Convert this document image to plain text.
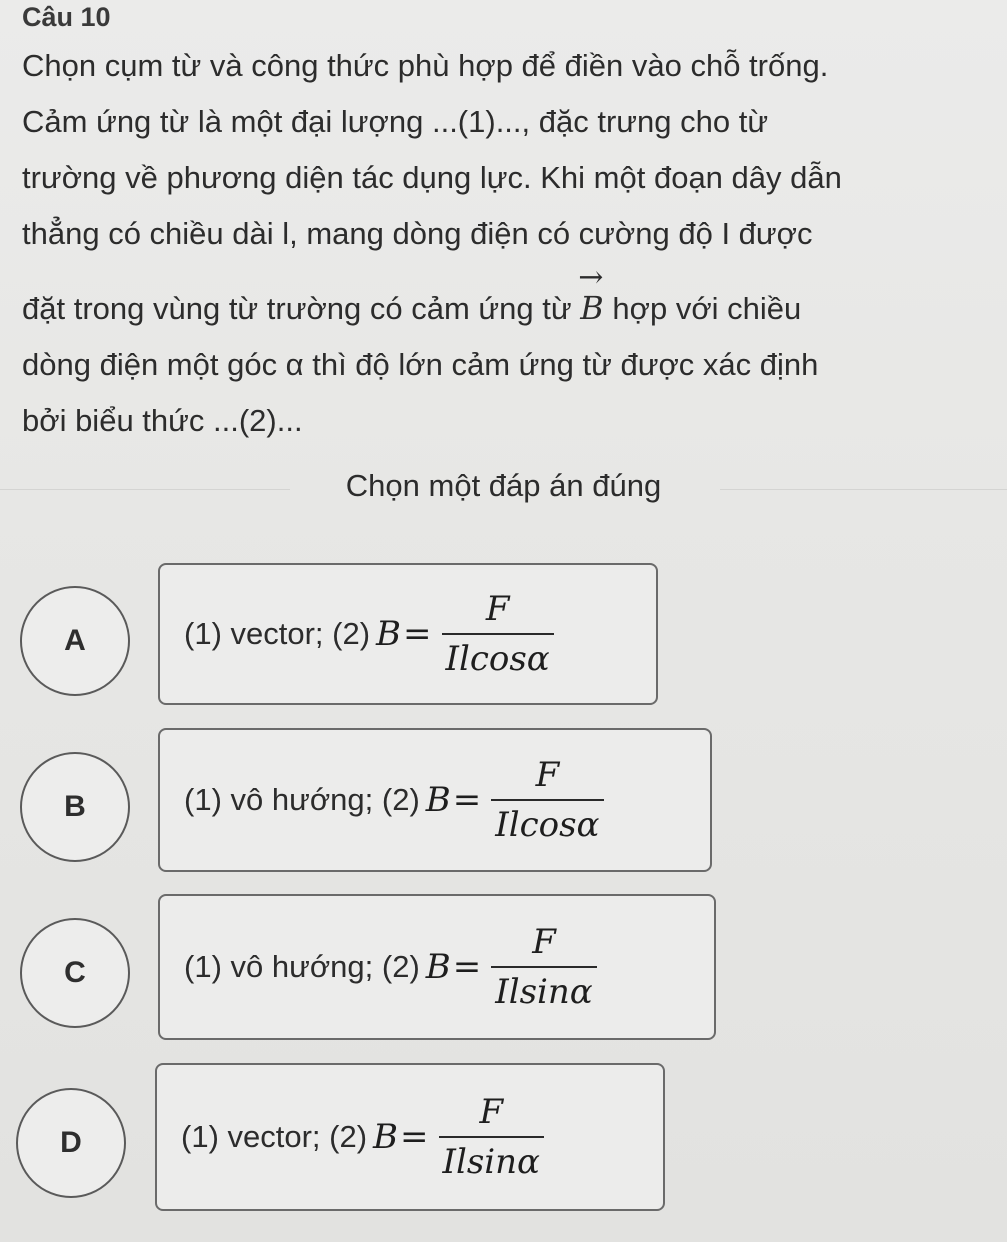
Câu 10
Chọn cụm từ và công thức phù hợp để điền vào chỗ trống.
Cảm ứng từ là một đại lượng ...(1)..., đặc trưng cho từ
trường về phương diện tác dụng lực. Khi một đoạn dây dẫn
thẳng có chiều dài l, mang dòng điện có cường độ I được
đặt trong vùng từ trường có cảm ứng từ
→
B hợp với chiều
dòng điện một góc α thì độ lớn cảm ứng từ được xác định
bởi biểu thức ...(2)...
Chọn một đáp án đúng
A	(1) vector; (2) $B = \frac{F}{Ilcos\alpha}$
B	(1) vô hướng; (2) $B = \frac{F}{Ilcos\alpha}$
C	(1) vô hướng; (2) $B = \frac{F}{Ilsin\alpha}$
D	(1) vector; (2) $B = \frac{F}{Ilsin\alpha}$
